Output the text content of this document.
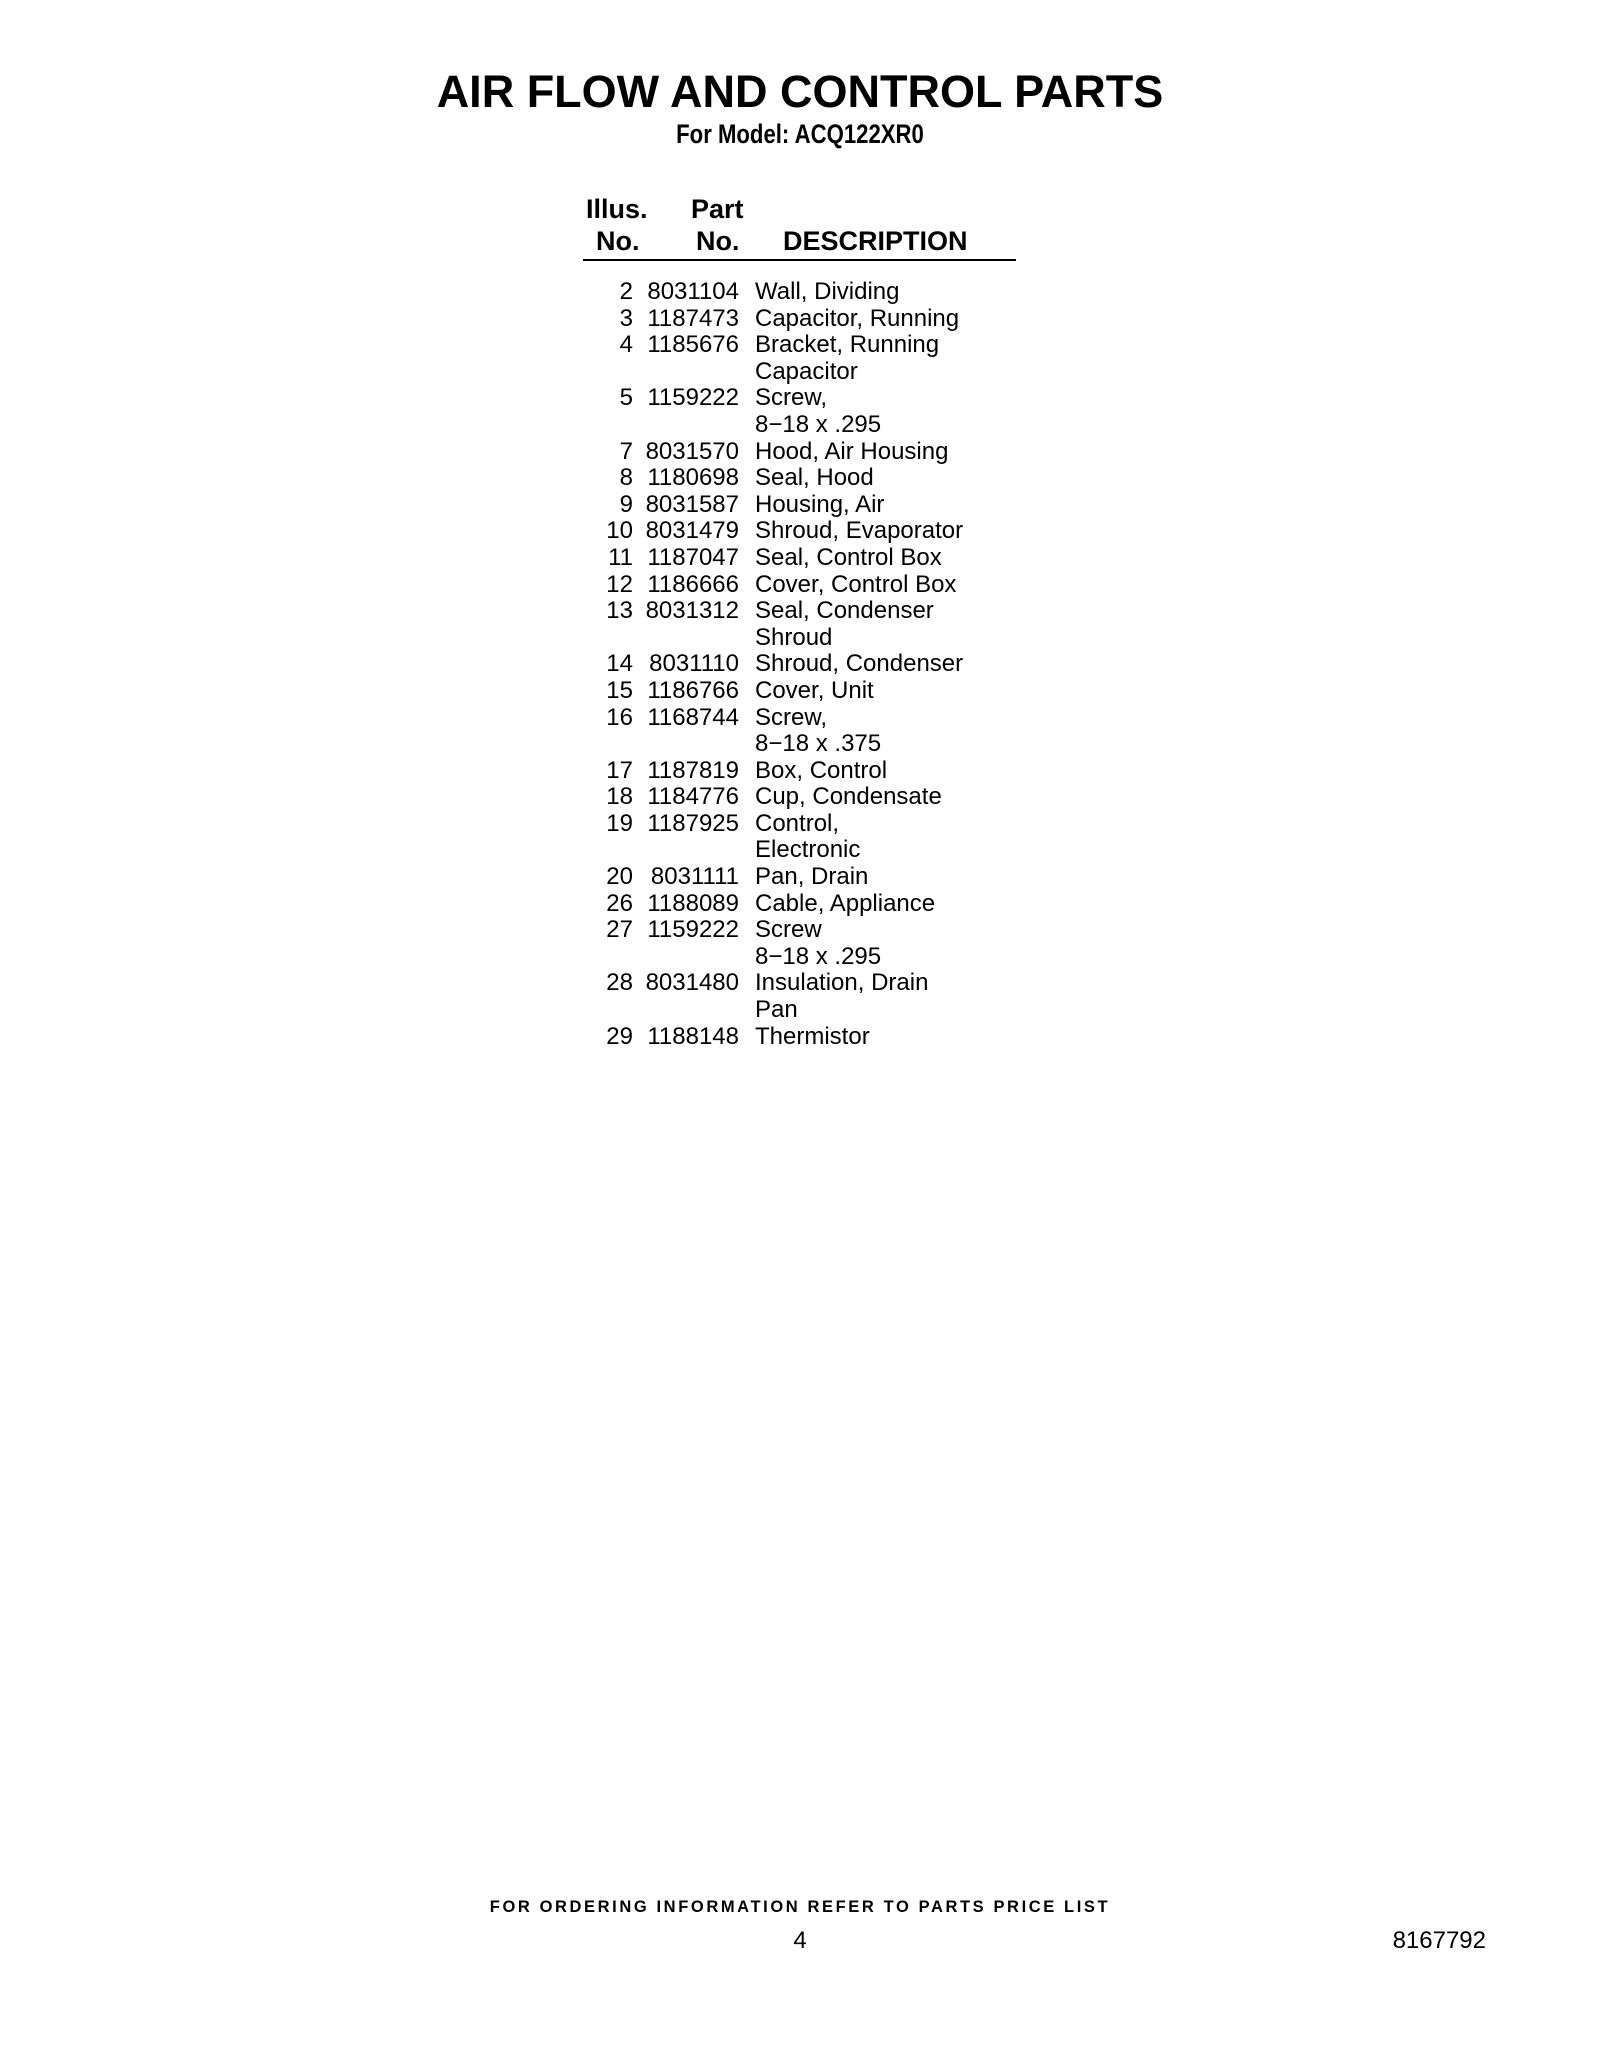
AIR FLOW AND CONTROL PARTS
For Model: ACQ122XR0
Illus.
No.
Part
No. DESCRIPTION
2 8031104 Wall, Dividing
3 1187473 Capacitor, Running
4 1185676 Bracket, Running
Capacitor
5 1159222 Screw,
8−18 x .295
7 8031570 Hood, Air Housing
8 1180698 Seal, Hood
9 8031587 Housing, Air
10 8031479 Shroud, Evaporator
11 1187047 Seal, Control Box
12 1186666 Cover, Control Box
13 8031312 Seal, Condenser
Shroud
14 8031110 Shroud, Condenser
15 1186766 Cover, Unit
16 1168744 Screw,
8−18 x .375
17 1187819 Box, Control
18 1184776 Cup, Condensate
19 1187925 Control,
Electronic
20 8031111 Pan, Drain
26 1188089 Cable, Appliance
27 1159222 Screw
8−18 x .295
28 8031480 Insulation, Drain
Pan
29 1188148 Thermistor
FOR ORDERING INFORMATION REFER TO PARTS PRICE LIST
4	8167792
